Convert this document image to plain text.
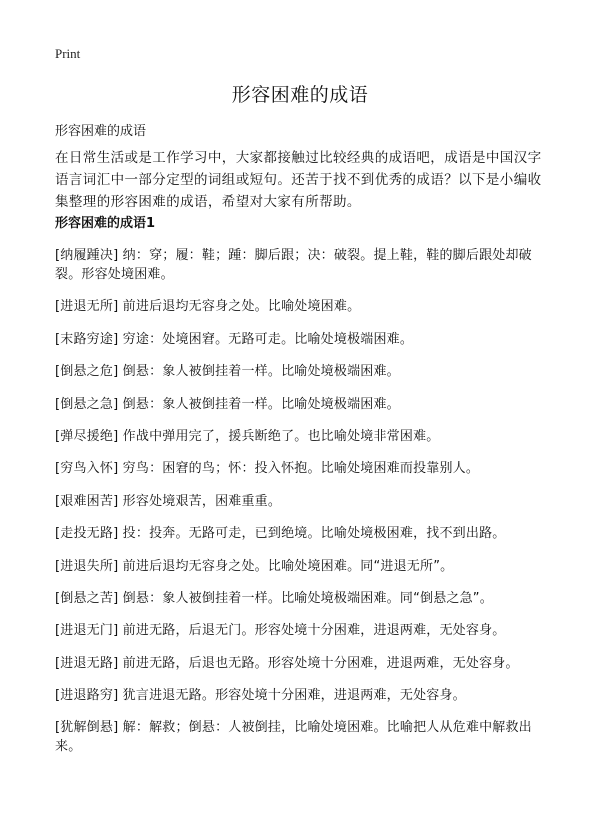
Print
形容困难的成语

形容困难的成语

在日常生活或是工作学习中，大家都接触过比较经典的成语吧，成语是中国汉字语言词汇中一部分定型的词组或短句。还苦于找不到优秀的成语？以下是小编收集整理的形容困难的成语，希望对大家有所帮助。

形容困难的成语1
[纳履踵决] 纳：穿；履：鞋；踵：脚后跟；决：破裂。提上鞋，鞋的脚后跟处却破裂。形容处境困难。
[进退无所] 前进后退均无容身之处。比喻处境困难。
[末路穷途] 穷途：处境困窘。无路可走。比喻处境极端困难。
[倒悬之危] 倒悬：象人被倒挂着一样。比喻处境极端困难。
[倒悬之急] 倒悬：象人被倒挂着一样。比喻处境极端困难。
[弹尽援绝] 作战中弹用完了，援兵断绝了。也比喻处境非常困难。
[穷鸟入怀] 穷鸟：困窘的鸟；怀：投入怀抱。比喻处境困难而投靠别人。
[艰难困苦] 形容处境艰苦，困难重重。
[走投无路] 投：投奔。无路可走，已到绝境。比喻处境极困难，找不到出路。
[进退失所] 前进后退均无容身之处。比喻处境困难。同“进退无所”。
[倒悬之苦] 倒悬：象人被倒挂着一样。比喻处境极端困难。同“倒悬之急”。
[进退无门] 前进无路，后退无门。形容处境十分困难，进退两难，无处容身。
[进退无路] 前进无路，后退也无路。形容处境十分困难，进退两难，无处容身。
[进退路穷] 犹言进退无路。形容处境十分困难，进退两难，无处容身。
[犹解倒悬] 解：解救；倒悬：人被倒挂，比喻处境困难。比喻把人从危难中解救出来。
